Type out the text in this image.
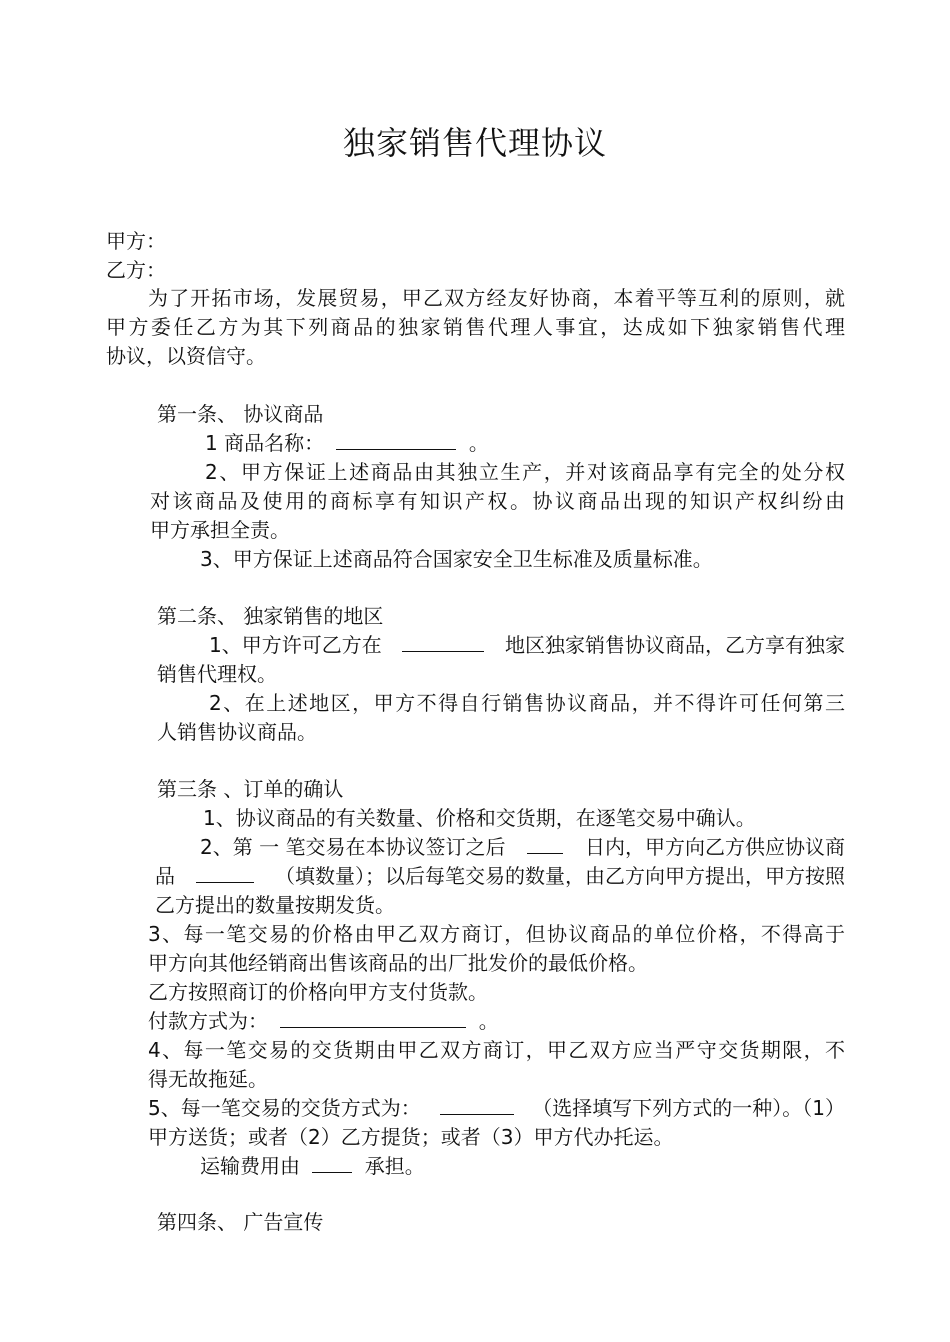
独家销售代理协议
甲方：
乙方：
为了开拓市场，发展贸易，甲乙双方经友好协商，本着平等互利的原则，就
甲方委任乙方为其下列商品的独家销售代理人事宜，达成如下独家销售代理
协议，以资信守。
第一条、 协议商品
1 商品名称：	。
2、甲方保证上述商品由其独立生产，并对该商品享有完全的处分权
对该商品及使用的商标享有知识产权。协议商品出现的知识产权纠纷由
甲方承担全责。
3、甲方保证上述商品符合国家安全卫生标准及质量标准。
第二条、 独家销售的地区
1、甲方许可乙方在	地区独家销售协议商品，乙方享有独家
销售代理权。
2、在上述地区，甲方不得自行销售协议商品，并不得许可任何第三
人销售协议商品。
第三条 、订单的确认
1、协议商品的有关数量、价格和交货期，在逐笔交易中确认。
2、第 一 笔交易在本协议签订之后	日内，甲方向乙方供应协议商
品	（填数量）；以后每笔交易的数量，由乙方向甲方提出，甲方按照
乙方提出的数量按期发货。
3、每一笔交易的价格由甲乙双方商订，但协议商品的单位价格，不得高于
甲方向其他经销商出售该商品的出厂批发价的最低价格。
乙方按照商订的价格向甲方支付货款。
付款方式为：	。
4、每一笔交易的交货期由甲乙双方商订，甲乙双方应当严守交货期限，不
得无故拖延。
5、每一笔交易的交货方式为：	（选择填写下列方式的一种）。（1）
甲方送货；或者（2）乙方提货；或者（3）甲方代办托运。
运输费用由	承担。
第四条、 广告宣传
